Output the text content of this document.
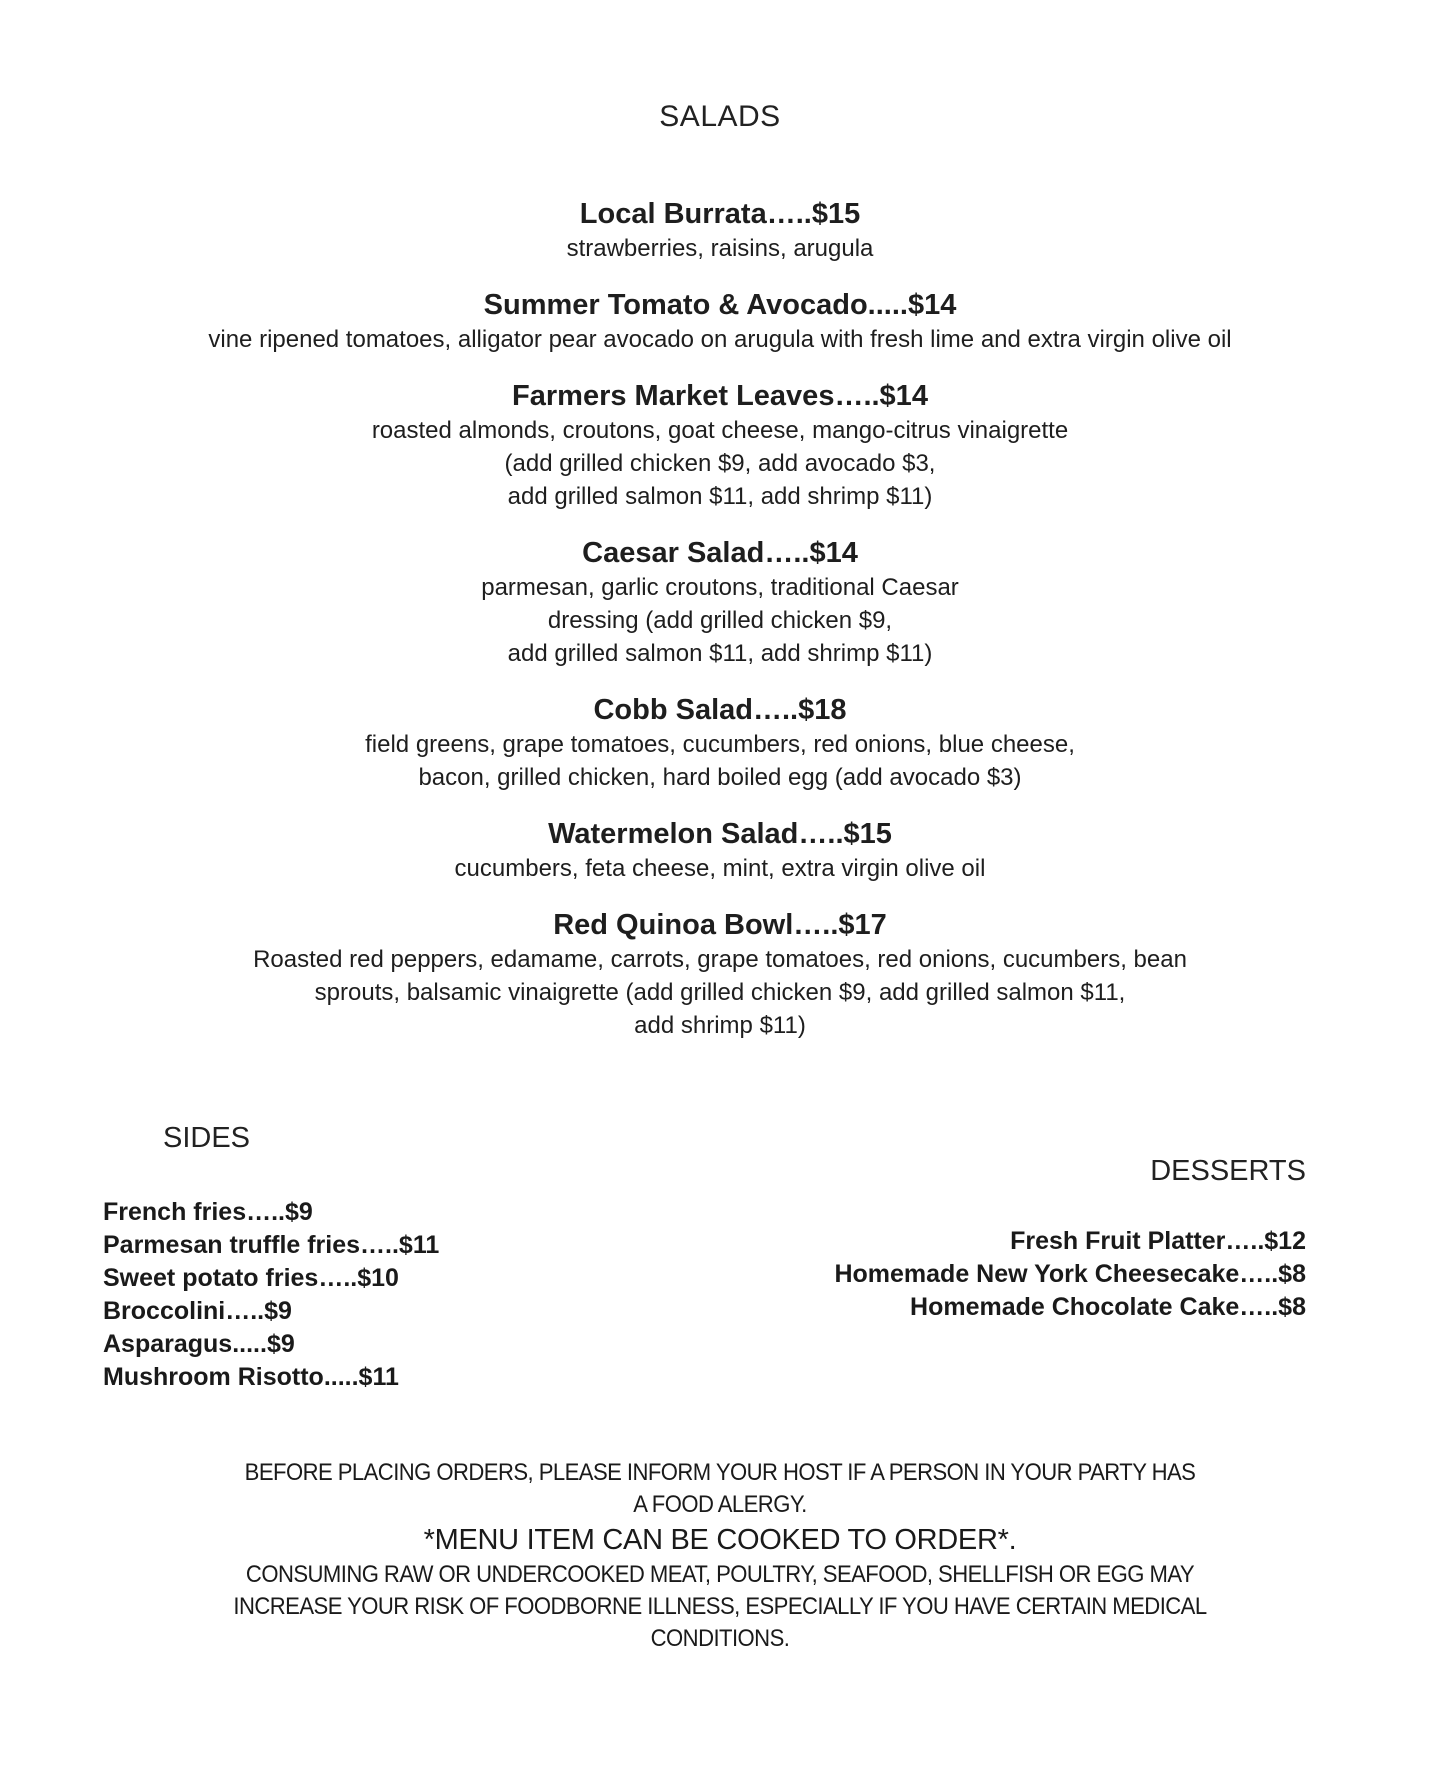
SALADS
Local Burrata…..$15
strawberries, raisins, arugula
Summer Tomato & Avocado.....$14
vine ripened tomatoes, alligator pear avocado on arugula with fresh lime and extra virgin olive oil
Farmers Market Leaves…..$14
roasted almonds, croutons, goat cheese, mango-citrus vinaigrette
(add grilled chicken $9, add avocado $3,
add grilled salmon $11, add shrimp $11)
Caesar Salad…..$14
parmesan, garlic croutons, traditional Caesar
dressing (add grilled chicken $9,
add grilled salmon $11, add shrimp $11)
Cobb Salad…..$18
field greens, grape tomatoes, cucumbers, red onions, blue cheese,
bacon, grilled chicken, hard boiled egg (add avocado $3)
Watermelon Salad…..$15
cucumbers, feta cheese, mint, extra virgin olive oil
Red Quinoa Bowl…..$17
Roasted red peppers, edamame, carrots, grape tomatoes, red onions, cucumbers, bean
sprouts, balsamic vinaigrette (add grilled chicken $9, add grilled salmon $11,
add shrimp $11)
SIDES
French fries…..$9
Parmesan truffle fries…..$11
Sweet potato fries…..$10
Broccolini…..$9
Asparagus.....$9
Mushroom Risotto.....$11
DESSERTS
Fresh Fruit Platter…..$12
Homemade New York Cheesecake…..$8
Homemade Chocolate Cake…..$8
BEFORE PLACING ORDERS, PLEASE INFORM YOUR HOST IF A PERSON IN YOUR PARTY HAS
A FOOD ALERGY.
*MENU ITEM CAN BE COOKED TO ORDER*.
CONSUMING RAW OR UNDERCOOKED MEAT, POULTRY, SEAFOOD, SHELLFISH OR EGG MAY
INCREASE YOUR RISK OF FOODBORNE ILLNESS, ESPECIALLY IF YOU HAVE CERTAIN MEDICAL
CONDITIONS.
